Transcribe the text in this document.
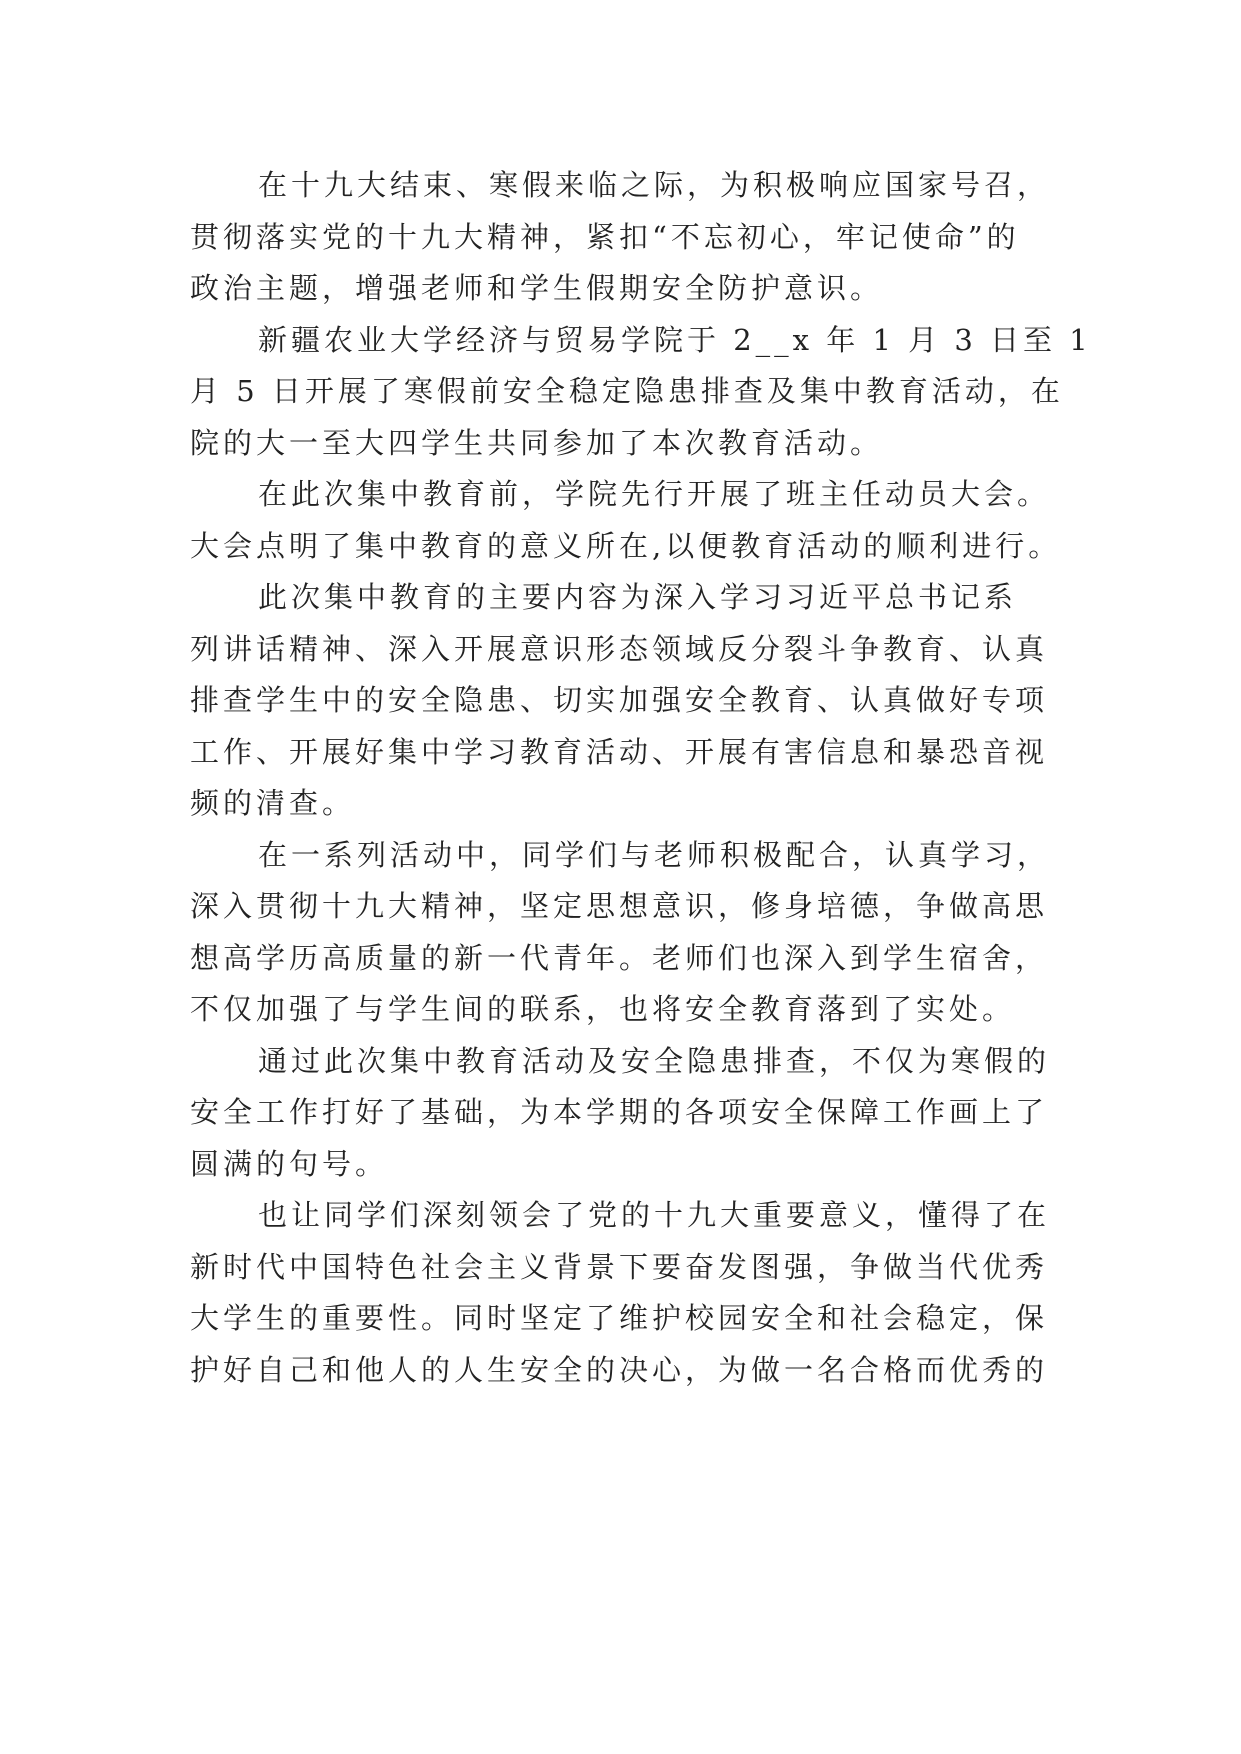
在十九大结束、寒假来临之际，为积极响应国家号召，
贯彻落实党的十九大精神，紧扣“不忘初心，牢记使命”的
政治主题，增强老师和学生假期安全防护意识。

新疆农业大学经济与贸易学院于 2__x 年 1 月 3 日至 1
月 5 日开展了寒假前安全稳定隐患排查及集中教育活动，在
院的大一至大四学生共同参加了本次教育活动。

在此次集中教育前，学院先行开展了班主任动员大会。
大会点明了集中教育的意义所在,以便教育活动的顺利进行。

此次集中教育的主要内容为深入学习习近平总书记系
列讲话精神、深入开展意识形态领域反分裂斗争教育、认真
排查学生中的安全隐患、切实加强安全教育、认真做好专项
工作、开展好集中学习教育活动、开展有害信息和暴恐音视
频的清查。

在一系列活动中，同学们与老师积极配合，认真学习，
深入贯彻十九大精神，坚定思想意识，修身培德，争做高思
想高学历高质量的新一代青年。老师们也深入到学生宿舍，
不仅加强了与学生间的联系，也将安全教育落到了实处。

通过此次集中教育活动及安全隐患排查，不仅为寒假的
安全工作打好了基础，为本学期的各项安全保障工作画上了
圆满的句号。

也让同学们深刻领会了党的十九大重要意义，懂得了在
新时代中国特色社会主义背景下要奋发图强，争做当代优秀
大学生的重要性。同时坚定了维护校园安全和社会稳定，保
护好自己和他人的人生安全的决心，为做一名合格而优秀的
